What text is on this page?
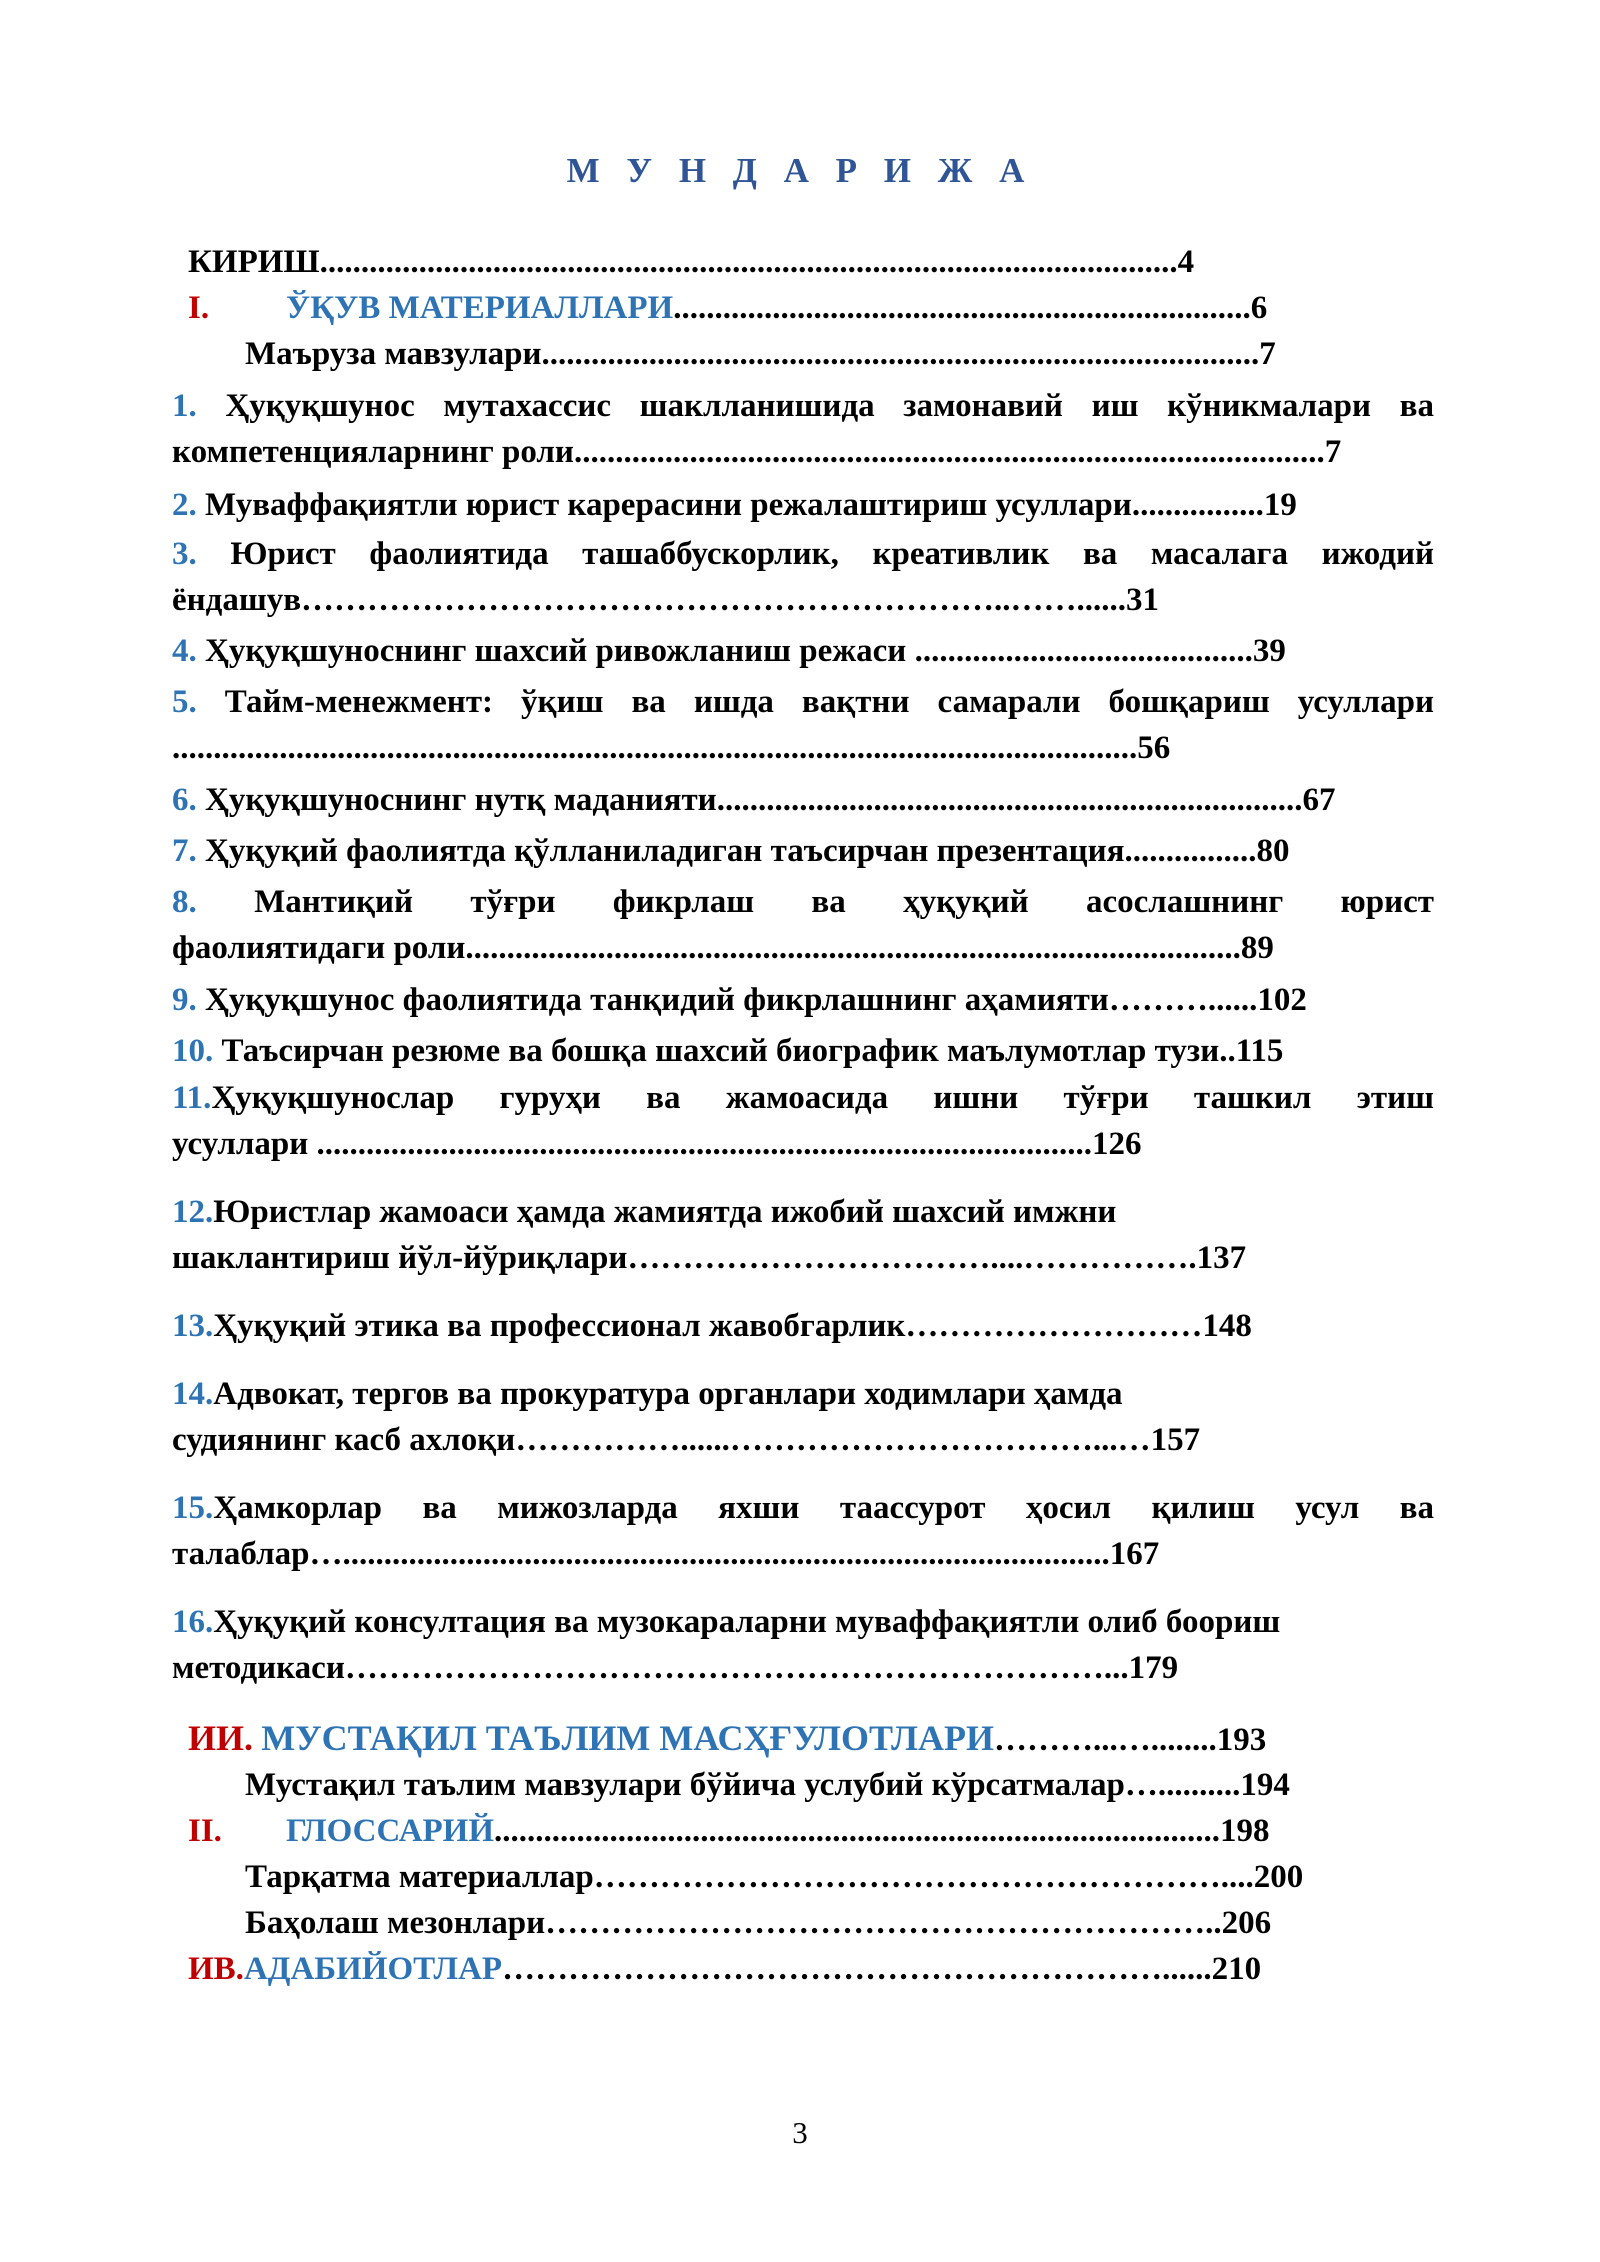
М У Н Д А Р И Ж А
КИРИШ........................................................................................................4
I. ЎҚУВ МАТЕРИАЛЛАРИ......................................................................6
Маъруза мавзулари.......................................................................................7
1. Ҳуқуқшунос мутахассис шаклланишида замонавий иш кўникмалари ва
компетенцияларнинг роли...........................................................................................7
2. Муваффақиятли юрист карерасини режалаштириш усуллари................19
3. Юрист фаолиятида ташаббускорлик, креативлик ва масалага ижодий
ёндашув………………………………………………………..……......31
4. Ҳуқуқшуноснинг шахсий ривожланиш режаси .........................................39
5. Тайм-менежмент: ўқиш ва ишда вақтни самарали бошқариш усуллари
.....................................................................................................................56
6. Ҳуқуқшуноснинг нутқ маданияти.......................................................................67
7. Ҳуқуқий фаолиятда қўлланиладиган таъсирчан презентация................80
8. Мантиқий тўғри фикрлаш ва ҳуқуқий асослашнинг юрист
фаолиятидаги роли..............................................................................................89
9. Ҳуқуқшунос фаолиятида танқидий фикрлашнинг аҳамияти………......102
10. Таъсирчан резюме ва бошқа шахсий биографик маълумотлар тузи..115
11.Ҳуқуқшунослар гуруҳи ва жамоасида ишни тўғри ташкил этиш
усуллари ..............................................................................................126
12.Юристлар жамоаси ҳамда жамиятда ижобий шахсий имжни
шаклантириш йўл-йўриқлари……………………………....…………….137
13.Ҳуқуқий этика ва профессионал жавобгарлик………………………148
14.Адвокат, тергов ва прокуратура органлари ходимлари ҳамда
судиянинг касб ахлоқи……………......……………………………...…157
15.Ҳамкорлар ва мижозларда яхши таассурот ҳосил қилиш усул ва
талаблар….............................................................................................167
16.Ҳуқуқий консултация ва музокараларни муваффақиятли олиб боориш
методикаси……………………………………………………………...179
ИИ. МУСТАҚИЛ ТАЪЛИМ МАСҲҒУЛОТЛАРИ………...…........193
Мустақил таълим мавзулари бўйича услубий кўрсатмалар…..........194
II. ГЛОССАРИЙ........................................................................................198
Тарқатма материаллар…………………………………………………....200
Баҳолаш мезонлари……………………………………………………..206
ИВ.АДАБИЙОТЛАР……………………………………………………......210
3
